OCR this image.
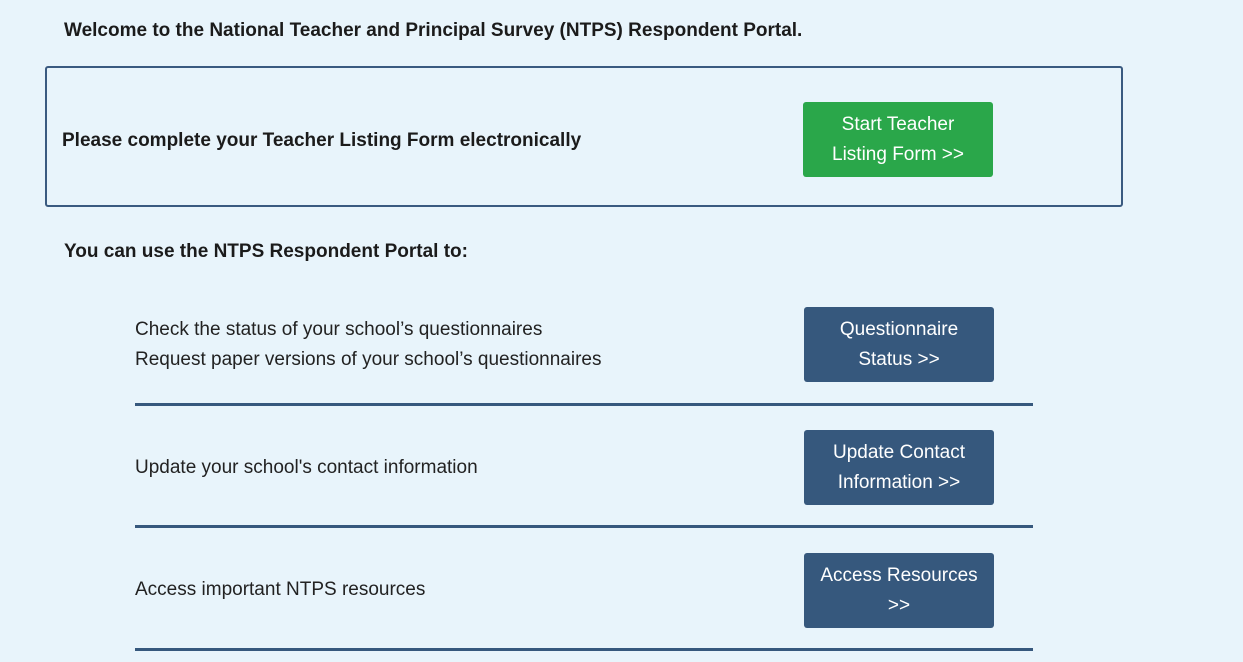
Welcome to the National Teacher and Principal Survey (NTPS) Respondent Portal.
Please complete your Teacher Listing Form electronically
Start Teacher Listing Form >>
You can use the NTPS Respondent Portal to:
Check the status of your school’s questionnaires
Request paper versions of your school’s questionnaires
Questionnaire Status >>
Update your school's contact information
Update Contact Information >>
Access important NTPS resources
Access Resources >>
